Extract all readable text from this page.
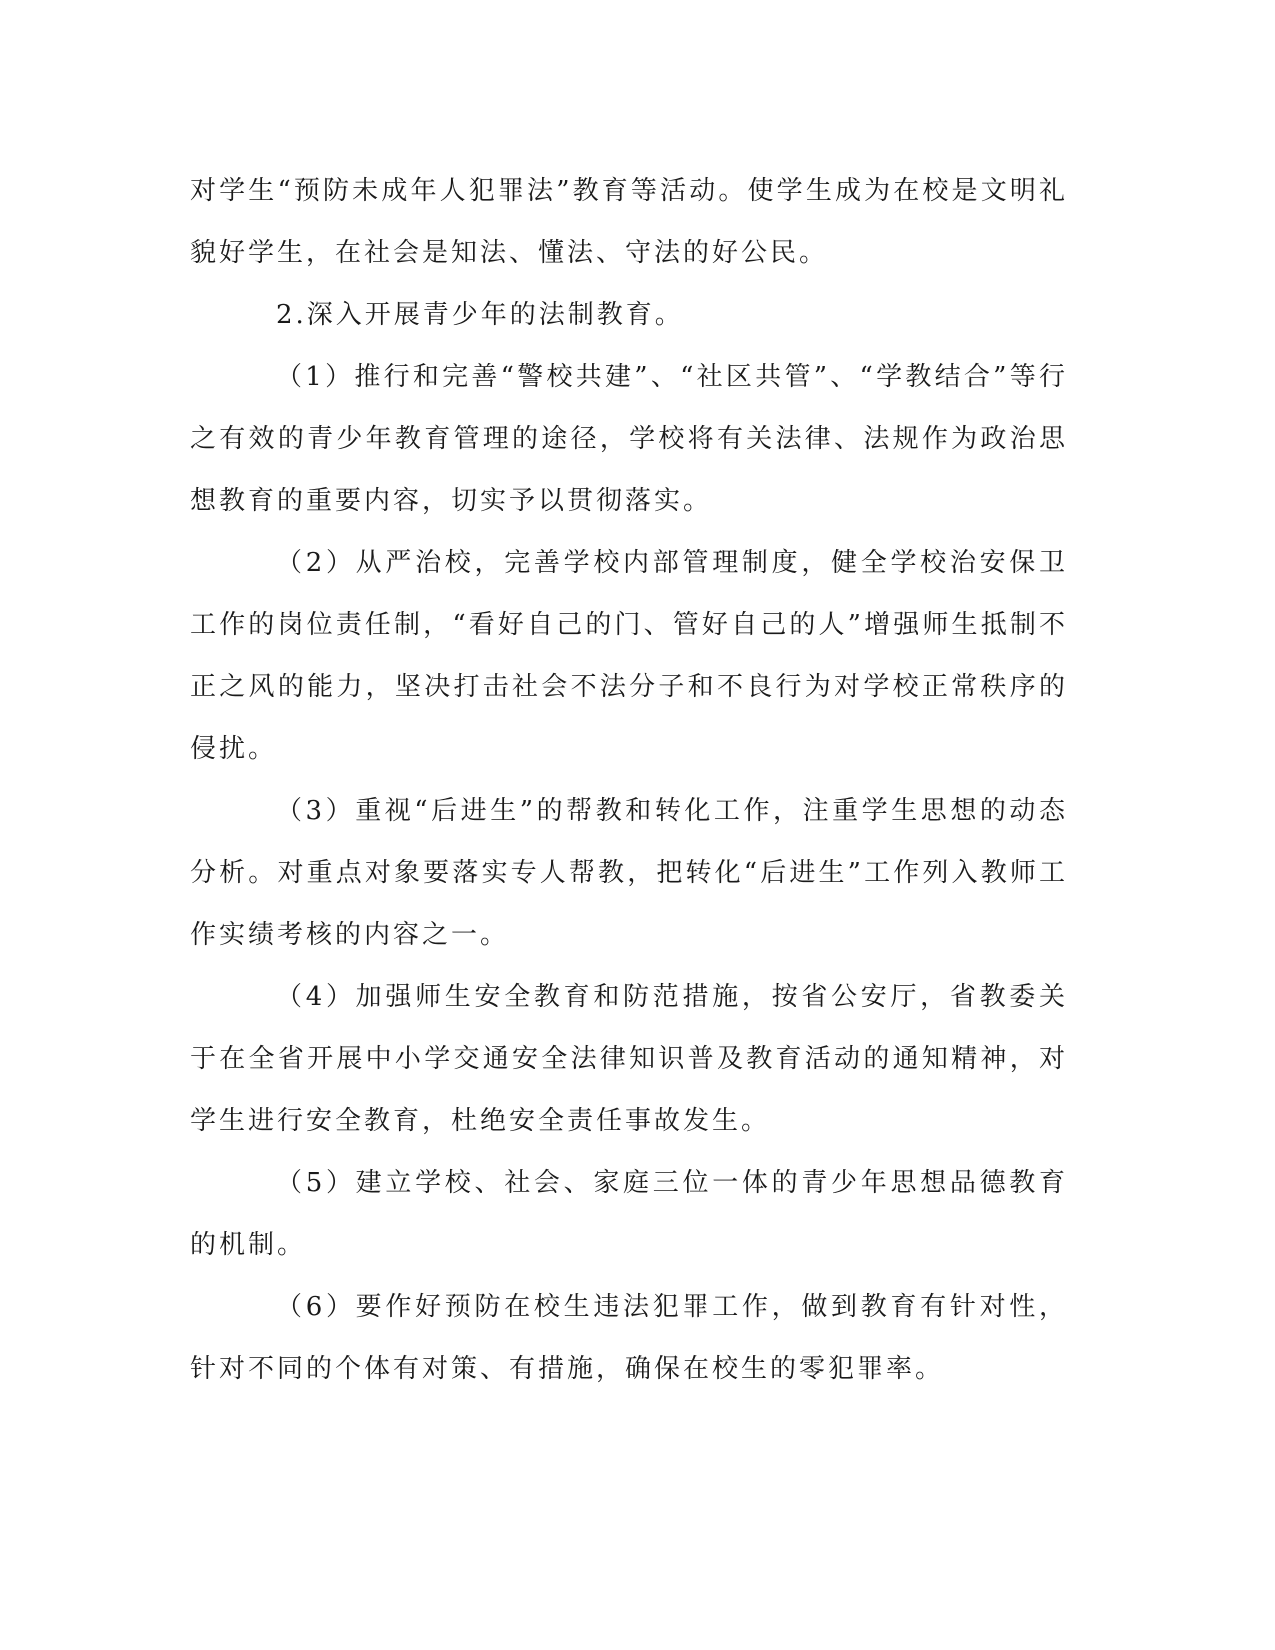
对学生“预防未成年人犯罪法”教育等活动。使学生成为在校是文明礼貌好学生，在社会是知法、懂法、守法的好公民。

2.深入开展青少年的法制教育。

（1）推行和完善“警校共建”、“社区共管”、“学教结合”等行之有效的青少年教育管理的途径，学校将有关法律、法规作为政治思想教育的重要内容，切实予以贯彻落实。

（2）从严治校，完善学校内部管理制度，健全学校治安保卫工作的岗位责任制，“看好自己的门、管好自己的人”增强师生抵制不正之风的能力，坚决打击社会不法分子和不良行为对学校正常秩序的侵扰。

（3）重视“后进生”的帮教和转化工作，注重学生思想的动态分析。对重点对象要落实专人帮教，把转化“后进生”工作列入教师工作实绩考核的内容之一。

（4）加强师生安全教育和防范措施，按省公安厅，省教委关于在全省开展中小学交通安全法律知识普及教育活动的通知精神，对学生进行安全教育，杜绝安全责任事故发生。

（5）建立学校、社会、家庭三位一体的青少年思想品德教育的机制。

（6）要作好预防在校生违法犯罪工作，做到教育有针对性，针对不同的个体有对策、有措施，确保在校生的零犯罪率。
